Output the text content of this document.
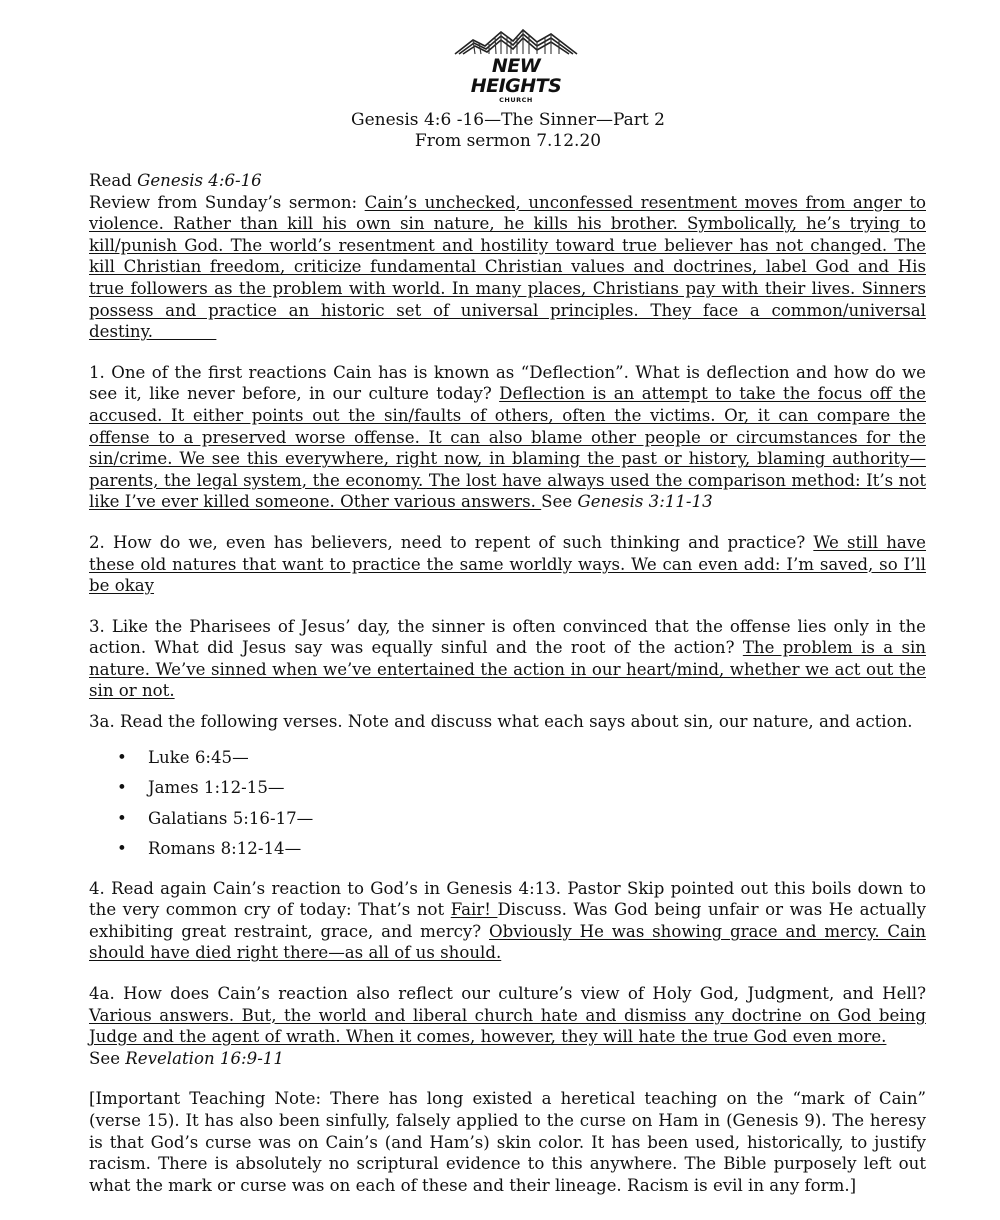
NEW HEIGHTS
CHURCH
Genesis 4:6 -16—The Sinner—Part 2
From sermon 7.12.20

Read Genesis 4:6-16

Review from Sunday’s sermon: Cain’s unchecked, unconfessed resentment moves from anger to violence. Rather than kill his own sin nature, he kills his brother. Symbolically, he’s trying to kill/punish God. The world’s resentment and hostility toward true believer has not changed. The kill Christian freedom, criticize fundamental Christian values and doctrines, label God and His true followers as the problem with world. In many places, Christians pay with their lives. Sinners possess and practice an historic set of universal principles. They face a common/universal destiny.

1. One of the first reactions Cain has is known as “Deflection”. What is deflection and how do we see it, like never before, in our culture today? Deflection is an attempt to take the focus off the accused. It either points out the sin/faults of others, often the victims. Or, it can compare the offense to a preserved worse offense. It can also blame other people or circumstances for the sin/crime. We see this everywhere, right now, in blaming the past or history, blaming authority—parents, the legal system, the economy. The lost have always used the comparison method: It’s not like I’ve ever killed someone. Other various answers. See Genesis 3:11-13

2. How do we, even has believers, need to repent of such thinking and practice? We still have these old natures that want to practice the same worldly ways. We can even add: I’m saved, so I’ll be okay

3. Like the Pharisees of Jesus’ day, the sinner is often convinced that the offense lies only in the action. What did Jesus say was equally sinful and the root of the action? The problem is a sin nature. We’ve sinned when we’ve entertained the action in our heart/mind, whether we act out the sin or not.

3a. Read the following verses. Note and discuss what each says about sin, our nature, and action.

• Luke 6:45—
• James 1:12-15—
• Galatians 5:16-17—
• Romans 8:12-14—

4. Read again Cain’s reaction to God’s in Genesis 4:13. Pastor Skip pointed out this boils down to the very common cry of today: That’s not Fair! Discuss. Was God being unfair or was He actually exhibiting great restraint, grace, and mercy? Obviously He was showing grace and mercy. Cain should have died right there—as all of us should.

4a. How does Cain’s reaction also reflect our culture’s view of Holy God, Judgment, and Hell? Various answers. But, the world and liberal church hate and dismiss any doctrine on God being Judge and the agent of wrath. When it comes, however, they will hate the true God even more.

See Revelation 16:9-11

[Important Teaching Note: There has long existed a heretical teaching on the “mark of Cain” (verse 15). It has also been sinfully, falsely applied to the curse on Ham in (Genesis 9). The heresy is that God’s curse was on Cain’s (and Ham’s) skin color. It has been used, historically, to justify racism. There is absolutely no scriptural evidence to this anywhere. The Bible purposely left out what the mark or curse was on each of these and their lineage. Racism is evil in any form.]
